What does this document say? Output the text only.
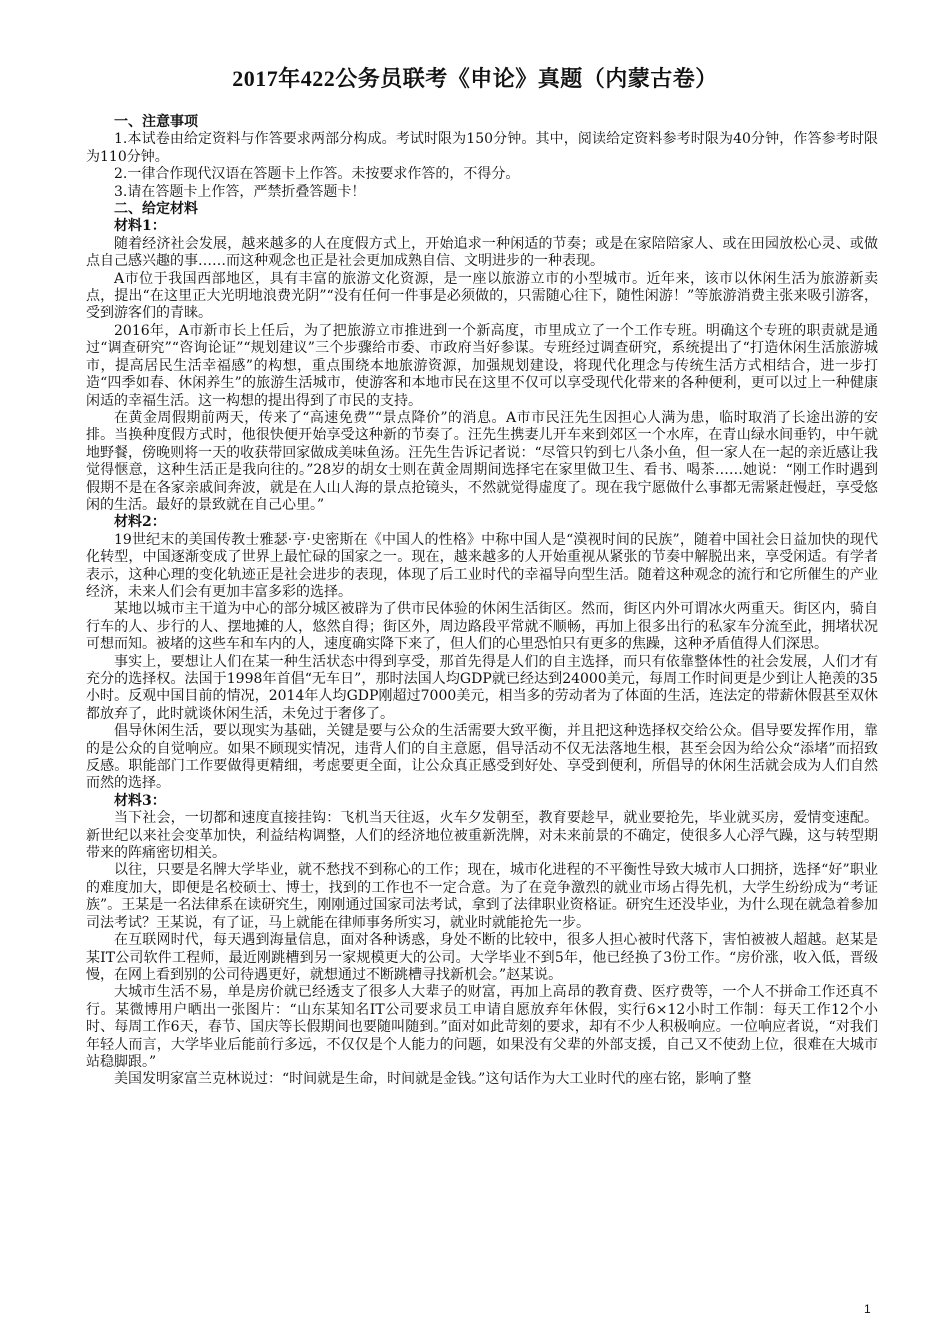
2017年422公务员联考《申论》真题（内蒙古卷）

一、注意事项

1.本试卷由给定资料与作答要求两部分构成。考试时限为150分钟。其中，阅读给定资料参考时限为40分钟，作答参考时限为110分钟。

2.一律合作现代汉语在答题卡上作答。未按要求作答的，不得分。

3.请在答题卡上作答，严禁折叠答题卡！

二、给定材料

材料1：

随着经济社会发展，越来越多的人在度假方式上，开始追求一种闲适的节奏；或是在家陪陪家人、或在田园放松心灵、或做点自己感兴趣的事……而这种观念也正是社会更加成熟自信、文明进步的一种表现。

A市位于我国西部地区，具有丰富的旅游文化资源，是一座以旅游立市的小型城市。近年来，该市以休闲生活为旅游新卖点，提出“在这里正大光明地浪费光阴”“没有任何一件事是必须做的，只需随心往下，随性闲游！”等旅游消费主张来吸引游客，受到游客们的青睐。

2016年，A市新市长上任后，为了把旅游立市推进到一个新高度，市里成立了一个工作专班。明确这个专班的职责就是通过“调查研究”“咨询论证”“规划建议”三个步骤给市委、市政府当好参谋。专班经过调查研究，系统提出了“打造休闲生活旅游城市，提高居民生活幸福感”的构想，重点围绕本地旅游资源，加强规划建设，将现代化理念与传统生活方式相结合，进一步打造“四季如春、休闲养生”的旅游生活城市，使游客和本地市民在这里不仅可以享受现代化带来的各种便利，更可以过上一种健康闲适的幸福生活。这一构想的提出得到了市民的支持。

在黄金周假期前两天，传来了“高速免费”“景点降价”的消息。A市市民汪先生因担心人满为患，临时取消了长途出游的安排。当换种度假方式时，他很快便开始享受这种新的节奏了。汪先生携妻儿开车来到郊区一个水库，在青山绿水间垂钓，中午就地野餐，傍晚则将一天的收获带回家做成美味鱼汤。汪先生告诉记者说：“尽管只钓到七八条小鱼，但一家人在一起的亲近感让我觉得惬意，这种生活正是我向往的。”28岁的胡女士则在黄金周期间选择宅在家里做卫生、看书、喝茶……她说：“刚工作时遇到假期不是在各家亲戚间奔波，就是在人山人海的景点抢镜头，不然就觉得虚度了。现在我宁愿做什么事都无需紧赶慢赶，享受悠闲的生活。最好的景致就在自己心里。”

材料2：

19世纪末的美国传教士雅瑟·亨·史密斯在《中国人的性格》中称中国人是“漠视时间的民族”，随着中国社会日益加快的现代化转型，中国逐渐变成了世界上最忙碌的国家之一。现在，越来越多的人开始重视从紧张的节奏中解脱出来，享受闲适。有学者表示，这种心理的变化轨迹正是社会进步的表现，体现了后工业时代的幸福导向型生活。随着这种观念的流行和它所催生的产业经济，未来人们会有更加丰富多彩的选择。

某地以城市主干道为中心的部分城区被辟为了供市民体验的休闲生活街区。然而，街区内外可谓冰火两重天。街区内，骑自行车的人、步行的人、摆地摊的人，悠然自得；街区外，周边路段平常就不顺畅，再加上很多出行的私家车分流至此，拥堵状况可想而知。被堵的这些车和车内的人，速度确实降下来了，但人们的心里恐怕只有更多的焦躁，这种矛盾值得人们深思。

事实上，要想让人们在某一种生活状态中得到享受，那首先得是人们的自主选择，而只有依靠整体性的社会发展，人们才有充分的选择权。法国于1998年首倡“无车日”，那时法国人均GDP就已经达到24000美元，每周工作时间更是少到让人艳羡的35小时。反观中国目前的情况，2014年人均GDP刚超过7000美元，相当多的劳动者为了体面的生活，连法定的带薪休假甚至双休都放弃了，此时就谈休闲生活，未免过于奢侈了。

倡导休闲生活，要以现实为基础，关键是要与公众的生活需要大致平衡，并且把这种选择权交给公众。倡导要发挥作用，靠的是公众的自觉响应。如果不顾现实情况，违背人们的自主意愿，倡导活动不仅无法落地生根，甚至会因为给公众“添堵”而招致反感。职能部门工作要做得更精细，考虑要更全面，让公众真正感受到好处、享受到便利，所倡导的休闲生活就会成为人们自然而然的选择。

材料3：

当下社会，一切都和速度直接挂钩：飞机当天往返，火车夕发朝至，教育要趁早，就业要抢先，毕业就买房，爱情变速配。新世纪以来社会变革加快，利益结构调整，人们的经济地位被重新洗牌，对未来前景的不确定，使很多人心浮气躁，这与转型期带来的阵痛密切相关。

以往，只要是名牌大学毕业，就不愁找不到称心的工作；现在，城市化进程的不平衡性导致大城市人口拥挤，选择“好”职业的难度加大，即便是名校硕士、博士，找到的工作也不一定合意。为了在竞争激烈的就业市场占得先机，大学生纷纷成为“考证族”。王某是一名法律系在读研究生，刚刚通过国家司法考试，拿到了法律职业资格证。研究生还没毕业，为什么现在就急着参加司法考试？王某说，有了证，马上就能在律师事务所实习，就业时就能抢先一步。

在互联网时代，每天遇到海量信息，面对各种诱惑，身处不断的比较中，很多人担心被时代落下，害怕被被人超越。赵某是某IT公司软件工程师，最近刚跳槽到另一家规模更大的公司。大学毕业不到5年，他已经换了3份工作。“房价涨，收入低，晋级慢，在网上看到别的公司待遇更好，就想通过不断跳槽寻找新机会。”赵某说。

大城市生活不易，单是房价就已经透支了很多人大辈子的财富，再加上高昂的教育费、医疗费等，一个人不拼命工作还真不行。某微博用户晒出一张图片：“山东某知名IT公司要求员工申请自愿放弃年休假，实行6×12小时工作制：每天工作12个小时、每周工作6天，春节、国庆等长假期间也要随叫随到。”面对如此苛刻的要求，却有不少人积极响应。一位响应者说，“对我们年轻人而言，大学毕业后能前行多远，不仅仅是个人能力的问题，如果没有父辈的外部支援，自己又不使劲上位，很难在大城市站稳脚跟。”

美国发明家富兰克林说过：“时间就是生命，时间就是金钱。”这句话作为大工业时代的座右铭，影响了整

1
